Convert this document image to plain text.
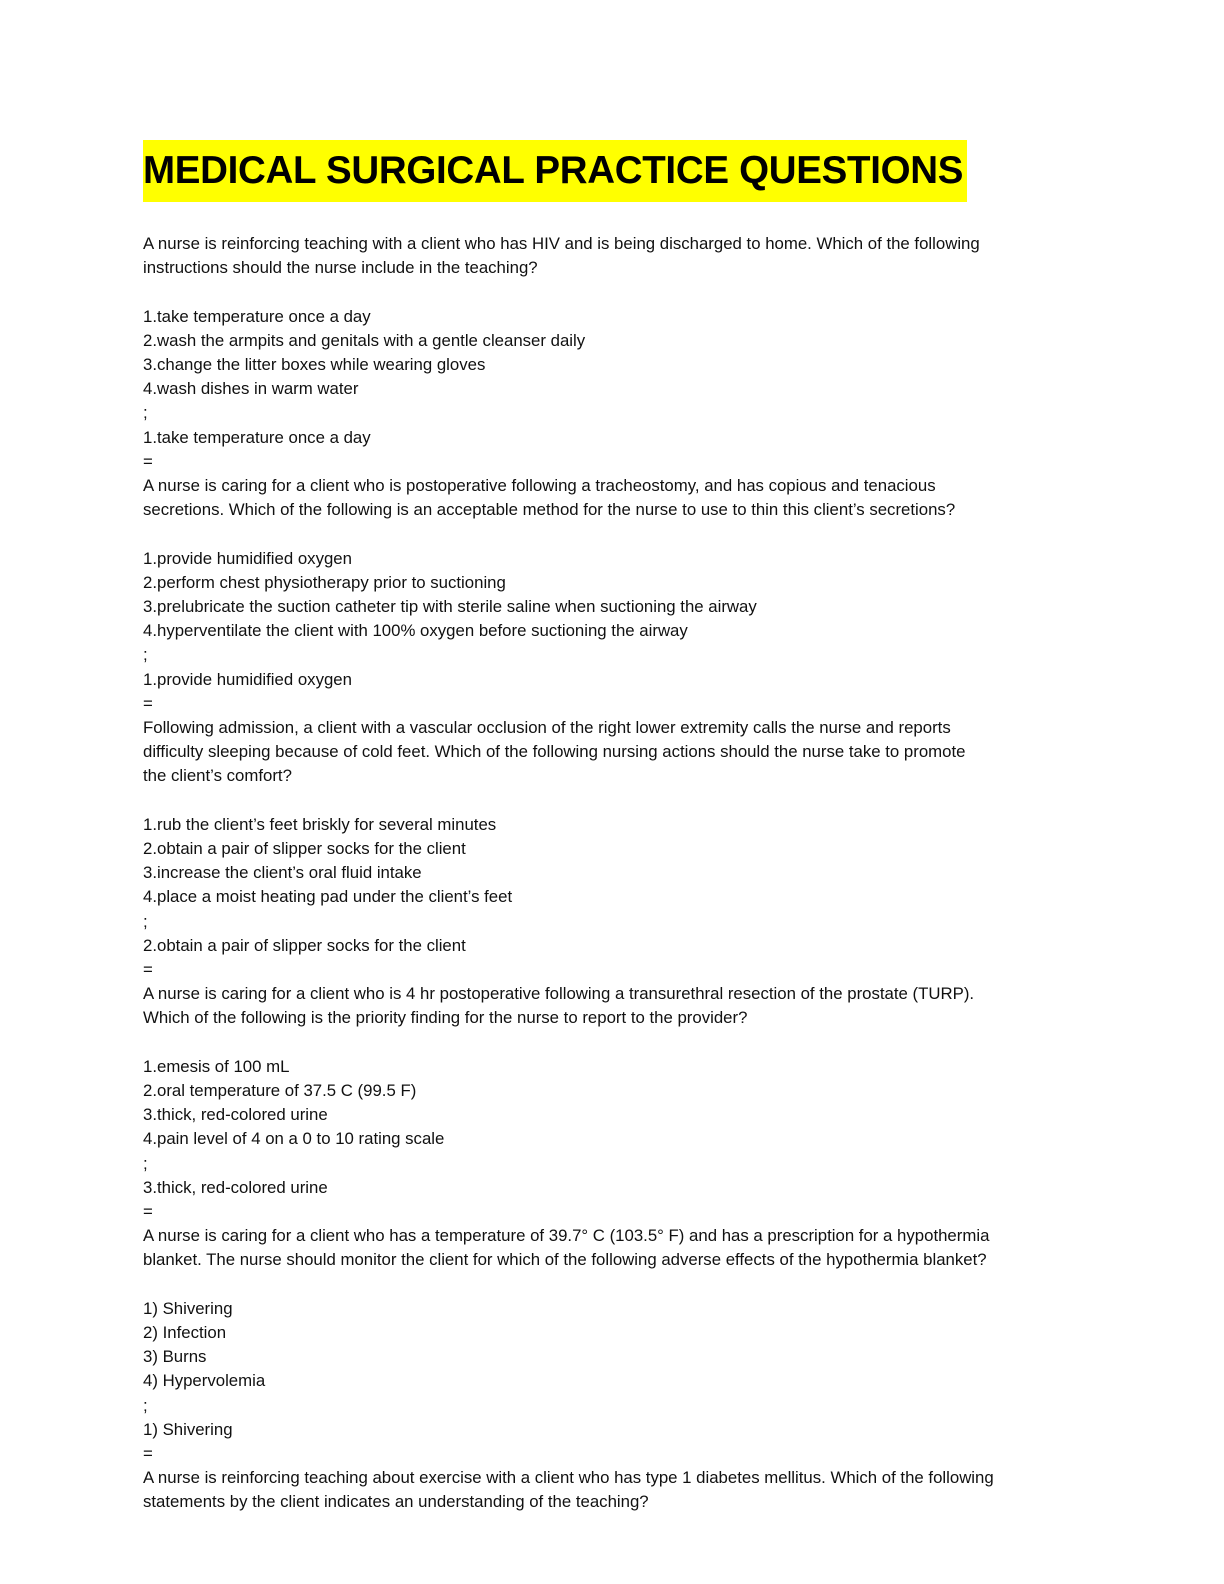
MEDICAL SURGICAL PRACTICE QUESTIONS
A nurse is reinforcing teaching with a client who has HIV and is being discharged to home. Which of the following
instructions should the nurse include in the teaching?
1.take temperature once a day
2.wash the armpits and genitals with a gentle cleanser daily
3.change the litter boxes while wearing gloves
4.wash dishes in warm water
;
1.take temperature once a day
=
A nurse is caring for a client who is postoperative following a tracheostomy, and has copious and tenacious
secretions. Which of the following is an acceptable method for the nurse to use to thin this client’s secretions?
1.provide humidified oxygen
2.perform chest physiotherapy prior to suctioning
3.prelubricate the suction catheter tip with sterile saline when suctioning the airway
4.hyperventilate the client with 100% oxygen before suctioning the airway
;
1.provide humidified oxygen
=
Following admission, a client with a vascular occlusion of the right lower extremity calls the nurse and reports
difficulty sleeping because of cold feet. Which of the following nursing actions should the nurse take to promote
the client’s comfort?
1.rub the client’s feet briskly for several minutes
2.obtain a pair of slipper socks for the client
3.increase the client’s oral fluid intake
4.place a moist heating pad under the client’s feet
;
2.obtain a pair of slipper socks for the client
=
A nurse is caring for a client who is 4 hr postoperative following a transurethral resection of the prostate (TURP).
Which of the following is the priority finding for the nurse to report to the provider?
1.emesis of 100 mL
2.oral temperature of 37.5 C (99.5 F)
3.thick, red-colored urine
4.pain level of 4 on a 0 to 10 rating scale
;
3.thick, red-colored urine
=
A nurse is caring for a client who has a temperature of 39.7° C (103.5° F) and has a prescription for a hypothermia
blanket. The nurse should monitor the client for which of the following adverse effects of the hypothermia blanket?
1) Shivering
2) Infection
3) Burns
4) Hypervolemia
;
1) Shivering
=
A nurse is reinforcing teaching about exercise with a client who has type 1 diabetes mellitus. Which of the following
statements by the client indicates an understanding of the teaching?
